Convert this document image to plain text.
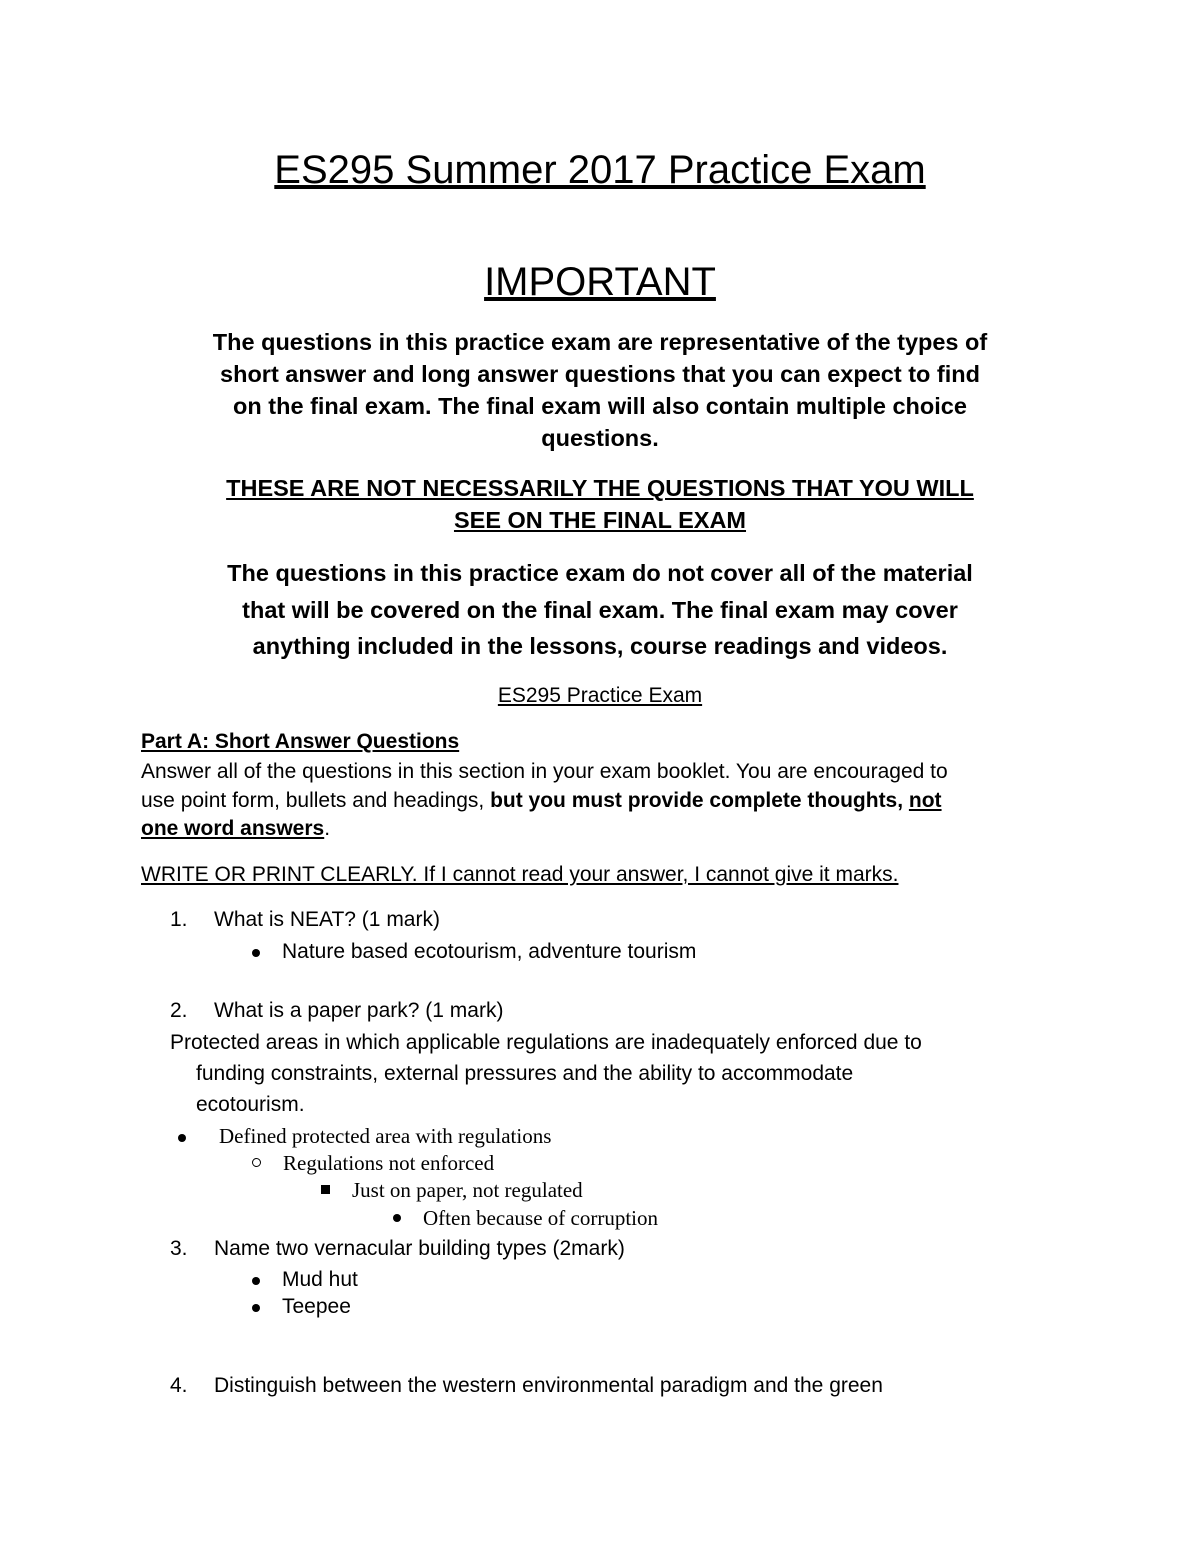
ES295 Summer 2017 Practice Exam
IMPORTANT
The questions in this practice exam are representative of the types of
short answer and long answer questions that you can expect to find
on the final exam. The final exam will also contain multiple choice
questions.
THESE ARE NOT NECESSARILY THE QUESTIONS THAT YOU WILL
SEE ON THE FINAL EXAM
The questions in this practice exam do not cover all of the material
that will be covered on the final exam. The final exam may cover
anything included in the lessons, course readings and videos.
ES295 Practice Exam
Part A: Short Answer Questions
Answer all of the questions in this section in your exam booklet. You are encouraged to
use point form, bullets and headings, but you must provide complete thoughts, not
one word answers.
WRITE OR PRINT CLEARLY. If I cannot read your answer, I cannot give it marks.
1. What is NEAT? (1 mark)
Nature based ecotourism, adventure tourism
2. What is a paper park? (1 mark)
Protected areas in which applicable regulations are inadequately enforced due to
funding constraints, external pressures and the ability to accommodate
ecotourism.
Defined protected area with regulations
Regulations not enforced
Just on paper, not regulated
Often because of corruption
3. Name two vernacular building types (2mark)
Mud hut
Teepee
4. Distinguish between the western environmental paradigm and the green
